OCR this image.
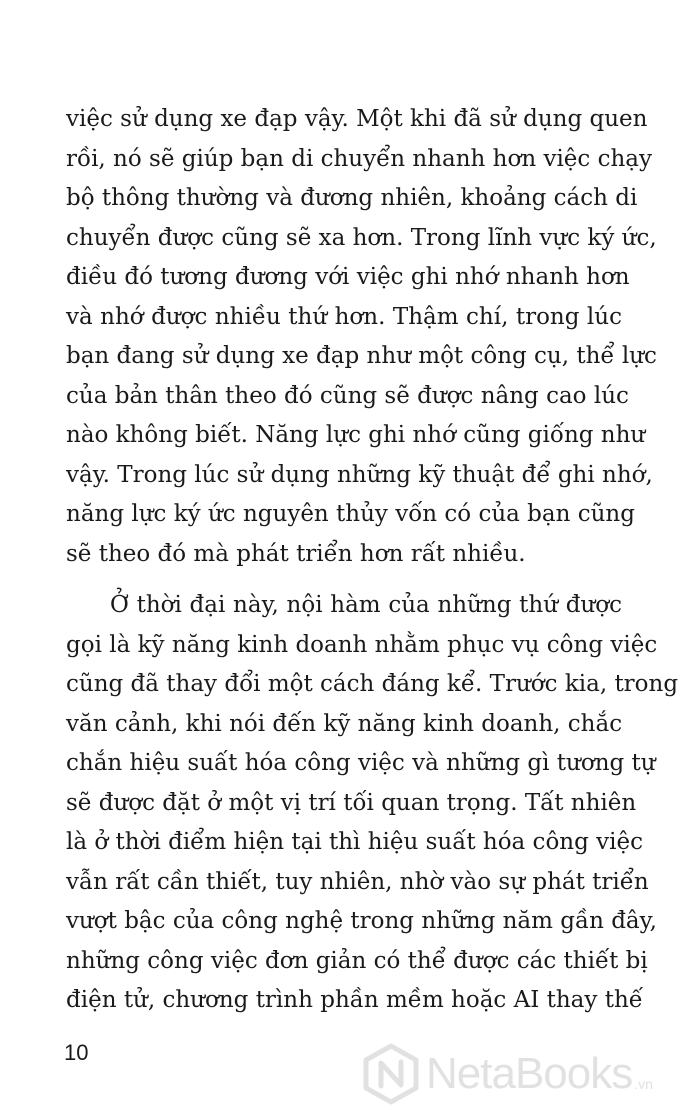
việc sử dụng xe đạp vậy. Một khi đã sử dụng quen
rồi, nó sẽ giúp bạn di chuyển nhanh hơn việc chạy
bộ thông thường và đương nhiên, khoảng cách di
chuyển được cũng sẽ xa hơn. Trong lĩnh vực ký ức,
điều đó tương đương với việc ghi nhớ nhanh hơn
và nhớ được nhiều thứ hơn. Thậm chí, trong lúc
bạn đang sử dụng xe đạp như một công cụ, thể lực
của bản thân theo đó cũng sẽ được nâng cao lúc
nào không biết. Năng lực ghi nhớ cũng giống như
vậy. Trong lúc sử dụng những kỹ thuật để ghi nhớ,
năng lực ký ức nguyên thủy vốn có của bạn cũng
sẽ theo đó mà phát triển hơn rất nhiều.
Ở thời đại này, nội hàm của những thứ được
gọi là kỹ năng kinh doanh nhằm phục vụ công việc
cũng đã thay đổi một cách đáng kể. Trước kia, trong
văn cảnh, khi nói đến kỹ năng kinh doanh, chắc
chắn hiệu suất hóa công việc và những gì tương tự
sẽ được đặt ở một vị trí tối quan trọng. Tất nhiên
là ở thời điểm hiện tại thì hiệu suất hóa công việc
vẫn rất cần thiết, tuy nhiên, nhờ vào sự phát triển
vượt bậc của công nghệ trong những năm gần đây,
những công việc đơn giản có thể được các thiết bị
điện tử, chương trình phần mềm hoặc AI thay thế
10	NetaBooks .vn
